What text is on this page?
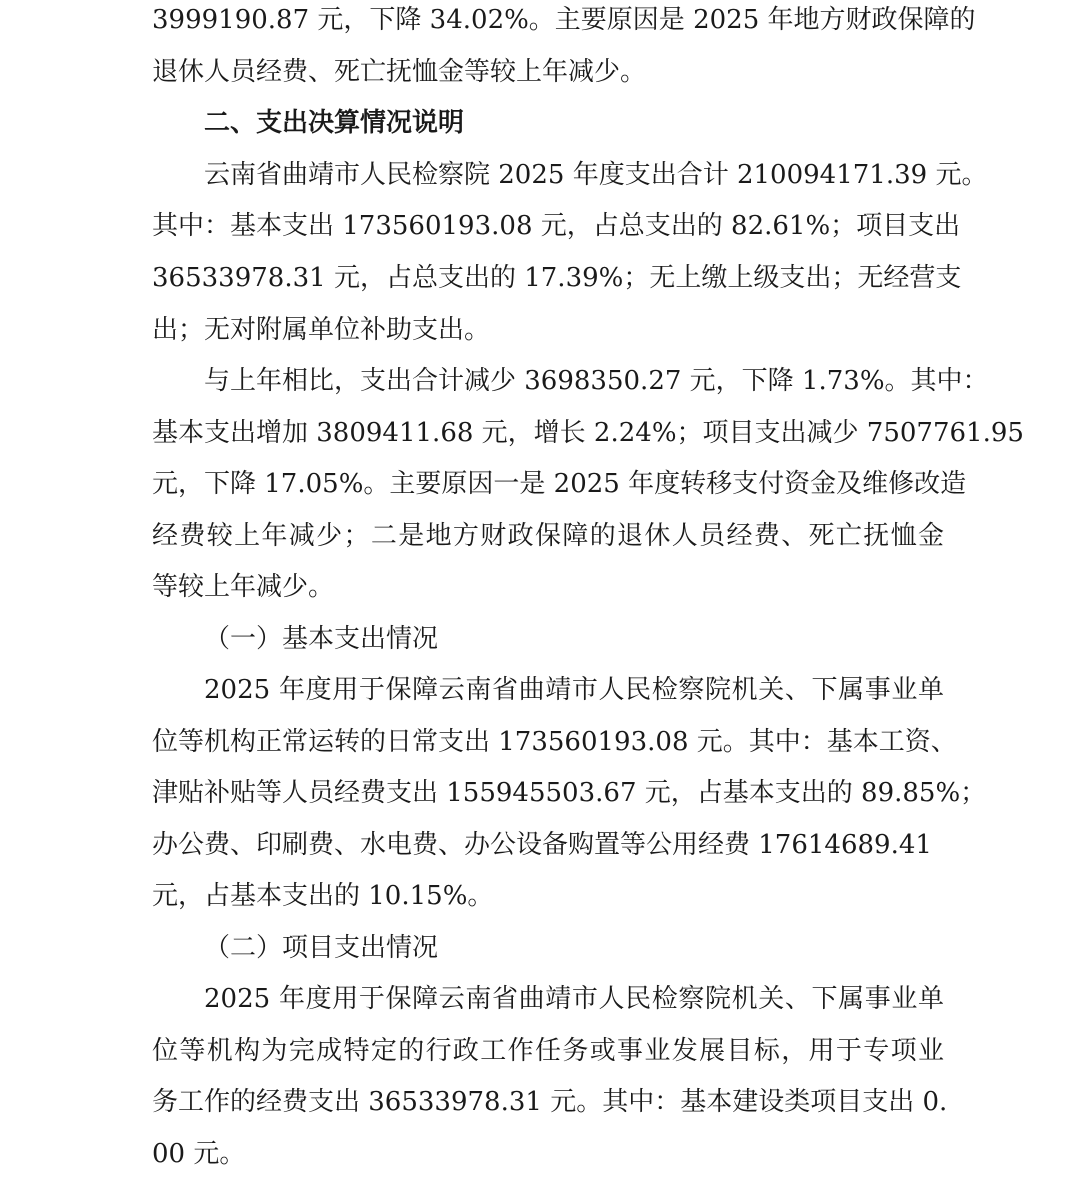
3999190.87 元，下降 34.02%。主要原因是 2025 年地方财政保障的

退休人员经费、死亡抚恤金等较上年减少。

二、支出决算情况说明

云南省曲靖市人民检察院 2025 年度支出合计 210094171.39 元。

其中：基本支出 173560193.08 元，占总支出的 82.61%；项目支出

36533978.31 元，占总支出的 17.39%；无上缴上级支出；无经营支

出；无对附属单位补助支出。

与上年相比，支出合计减少 3698350.27 元，下降 1.73%。其中：

基本支出增加 3809411.68 元，增长 2.24%；项目支出减少 7507761.95

元，下降 17.05%。主要原因一是 2025 年度转移支付资金及维修改造

经费较上年减少；二是地方财政保障的退休人员经费、死亡抚恤金

等较上年减少。

（一）基本支出情况

2025 年度用于保障云南省曲靖市人民检察院机关、下属事业单

位等机构正常运转的日常支出 173560193.08 元。其中：基本工资、

津贴补贴等人员经费支出 155945503.67 元，占基本支出的 89.85%；

办公费、印刷费、水电费、办公设备购置等公用经费 17614689.41

元，占基本支出的 10.15%。

（二）项目支出情况

2025 年度用于保障云南省曲靖市人民检察院机关、下属事业单

位等机构为完成特定的行政工作任务或事业发展目标，用于专项业

务工作的经费支出 36533978.31 元。其中：基本建设类项目支出 0.

00 元。
